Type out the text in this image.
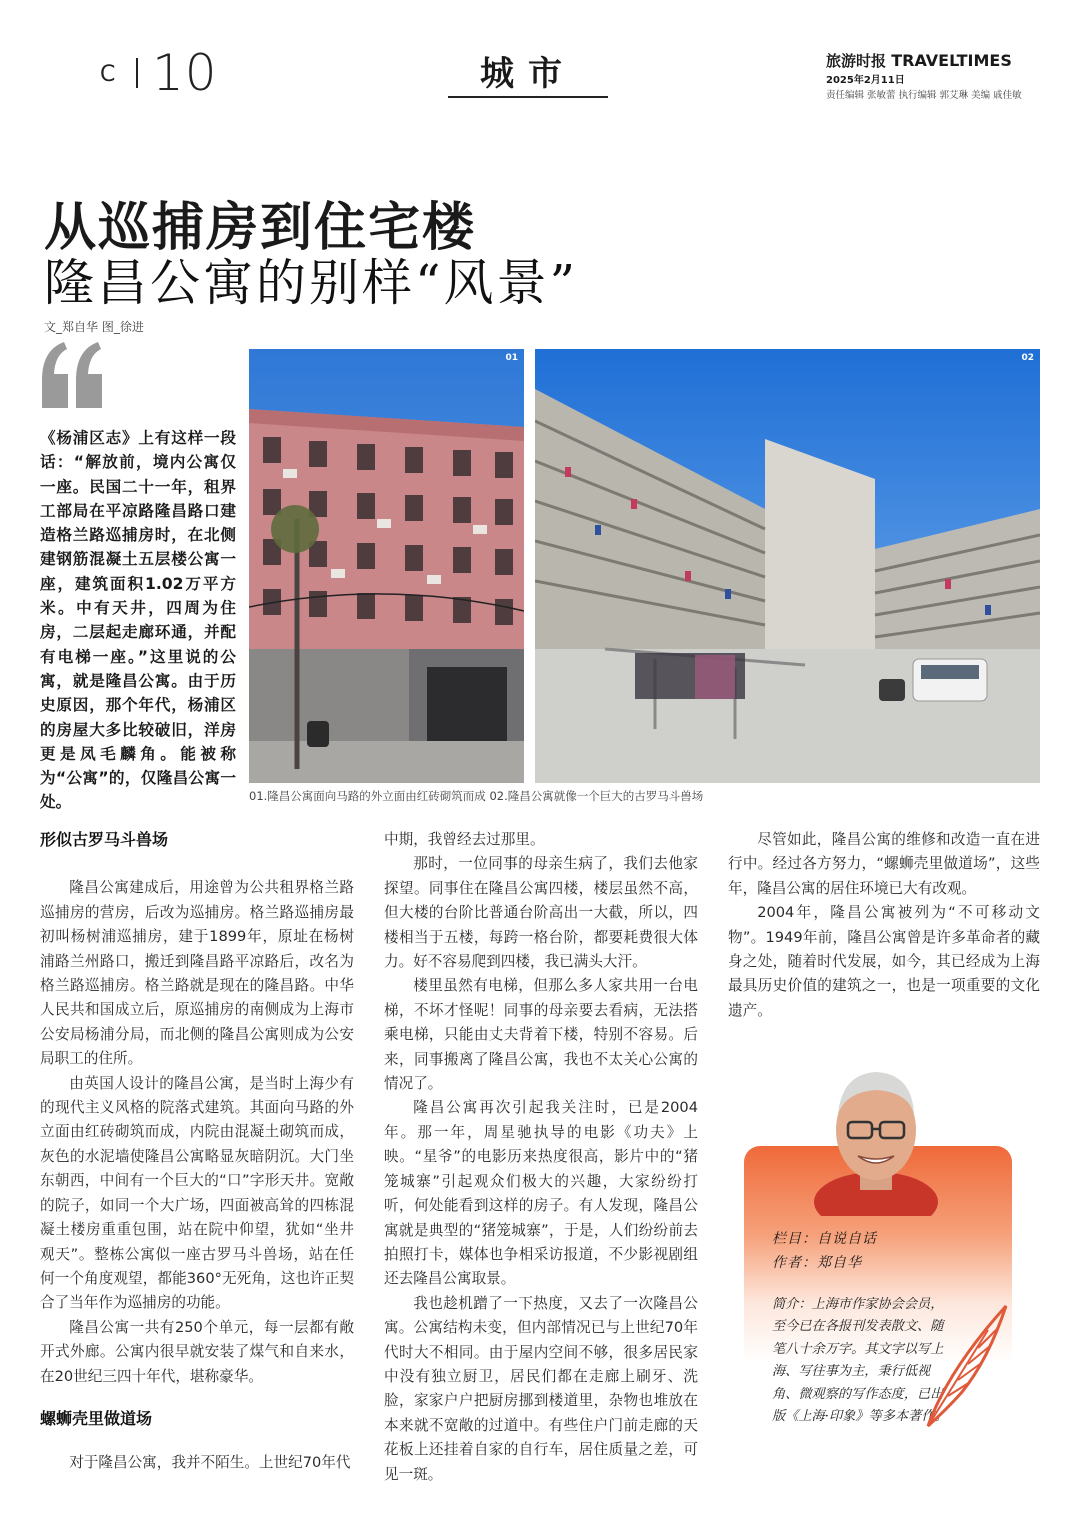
C 10	城市	旅游时报 TRAVELTIMES
2025年2月11日
责任编辑 张敏蕾 执行编辑 郭艾琳 美编 戚佳敏
从巡捕房到住宅楼
隆昌公寓的别样“风景”
文_郑自华 图_徐进
《杨浦区志》上有这样一段话：“解放前，境内公寓仅一座。民国二十一年，租界工部局在平凉路隆昌路口建造格兰路巡捕房时，在北侧建钢筋混凝土五层楼公寓一座，建筑面积1.02万平方米。中有天井，四周为住房，二层起走廊环通，并配有电梯一座。”这里说的公寓，就是隆昌公寓。由于历史原因，那个年代，杨浦区的房屋大多比较破旧，洋房更是凤毛麟角。能被称为“公寓”的，仅隆昌公寓一处。
01	02
01.隆昌公寓面向马路的外立面由红砖砌筑而成 02.隆昌公寓就像一个巨大的古罗马斗兽场
形似古罗马斗兽场

隆昌公寓建成后，用途曾为公共租界格兰路巡捕房的营房，后改为巡捕房。格兰路巡捕房最初叫杨树浦巡捕房，建于1899年，原址在杨树浦路兰州路口，搬迁到隆昌路平凉路后，改名为格兰路巡捕房。格兰路就是现在的隆昌路。中华人民共和国成立后，原巡捕房的南侧成为上海市公安局杨浦分局，而北侧的隆昌公寓则成为公安局职工的住所。

由英国人设计的隆昌公寓，是当时上海少有的现代主义风格的院落式建筑。其面向马路的外立面由红砖砌筑而成，内院由混凝土砌筑而成，灰色的水泥墙使隆昌公寓略显灰暗阴沉。大门坐东朝西，中间有一个巨大的“口”字形天井。宽敞的院子，如同一个大广场，四面被高耸的四栋混凝土楼房重重包围，站在院中仰望，犹如“坐井观天”。整栋公寓似一座古罗马斗兽场，站在任何一个角度观望，都能360°无死角，这也许正契合了当年作为巡捕房的功能。

隆昌公寓一共有250个单元，每一层都有敞开式外廊。公寓内很早就安装了煤气和自来水，在20世纪三四十年代，堪称豪华。

螺蛳壳里做道场

对于隆昌公寓，我并不陌生。上世纪70年代

中期，我曾经去过那里。

那时，一位同事的母亲生病了，我们去他家探望。同事住在隆昌公寓四楼，楼层虽然不高，但大楼的台阶比普通台阶高出一大截，所以，四楼相当于五楼，每跨一格台阶，都要耗费很大体力。好不容易爬到四楼，我已满头大汗。

楼里虽然有电梯，但那么多人家共用一台电梯，不坏才怪呢！同事的母亲要去看病，无法搭乘电梯，只能由丈夫背着下楼，特别不容易。后来，同事搬离了隆昌公寓，我也不太关心公寓的情况了。

隆昌公寓再次引起我关注时，已是2004年。那一年，周星驰执导的电影《功夫》上映。“星爷”的电影历来热度很高，影片中的“猪笼城寨”引起观众们极大的兴趣，大家纷纷打听，何处能看到这样的房子。有人发现，隆昌公寓就是典型的“猪笼城寨”，于是，人们纷纷前去拍照打卡，媒体也争相采访报道，不少影视剧组还去隆昌公寓取景。

我也趁机蹭了一下热度，又去了一次隆昌公寓。公寓结构未变，但内部情况已与上世纪70年代时大不相同。由于屋内空间不够，很多居民家中没有独立厨卫，居民们都在走廊上刷牙、洗脸，家家户户把厨房挪到楼道里，杂物也堆放在本来就不宽敞的过道中。有些住户门前走廊的天花板上还挂着自家的自行车，居住质量之差，可见一斑。

尽管如此，隆昌公寓的维修和改造一直在进行中。经过各方努力，“螺蛳壳里做道场”，这些年，隆昌公寓的居住环境已大有改观。

2004年，隆昌公寓被列为“不可移动文物”。1949年前，隆昌公寓曾是许多革命者的藏身之处，随着时代发展，如今，其已经成为上海最具历史价值的建筑之一，也是一项重要的文化遗产。

栏目：自说自话
作者：郑自华
简介：上海市作家协会会员，至今已在各报刊发表散文、随笔八十余万字。其文字以写上海、写往事为主，秉行低视角、微观察的写作态度，已出版《上海·印象》等多本著作。
